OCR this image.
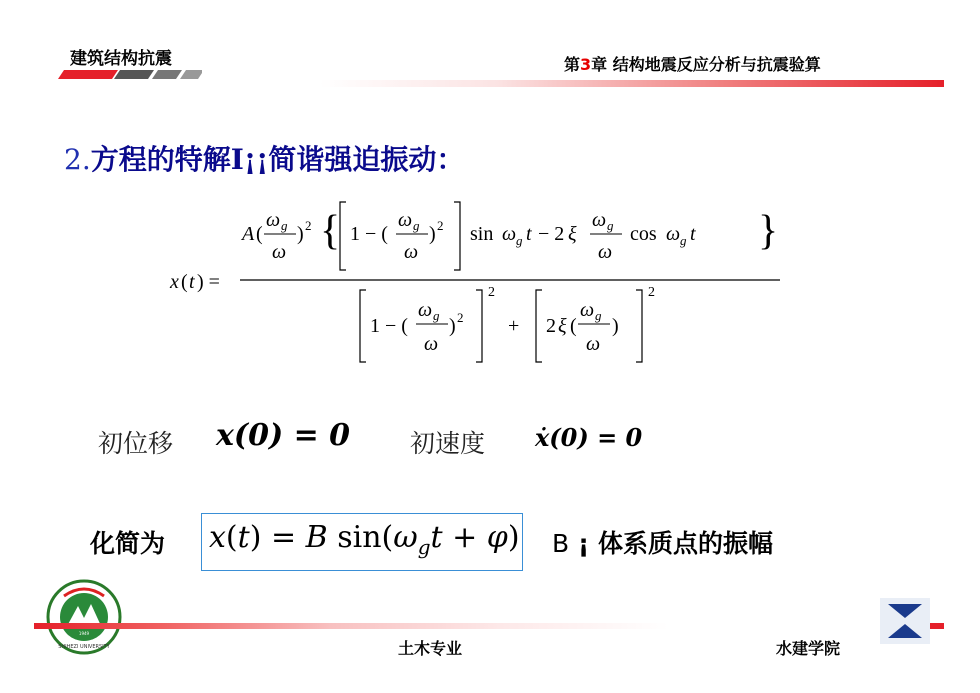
建筑结构抗震	第3章 结构地震反应分析与抗震验算
2.方程的特解Ⅰ¡¡简谐强迫振动：
x ( t ) =
A (
ω g
ω
) 2 { 1 − (
ω g
ω
) 2 sin ω g t − 2 ξ
ω g
ω
cos ω g t }
1 − (
ω g
ω
) 2
2
+ 2 ξ (
ω g
ω
)
2
初位移 x(0) = 0 初速度 ẋ(0) = 0
化简为 x(t) = B $\sin(\omega_gt + \varphi)$ B ¡ 体系质点的振幅
SHIHEZI UNIVERSITY
1949
土木专业	水建学院
